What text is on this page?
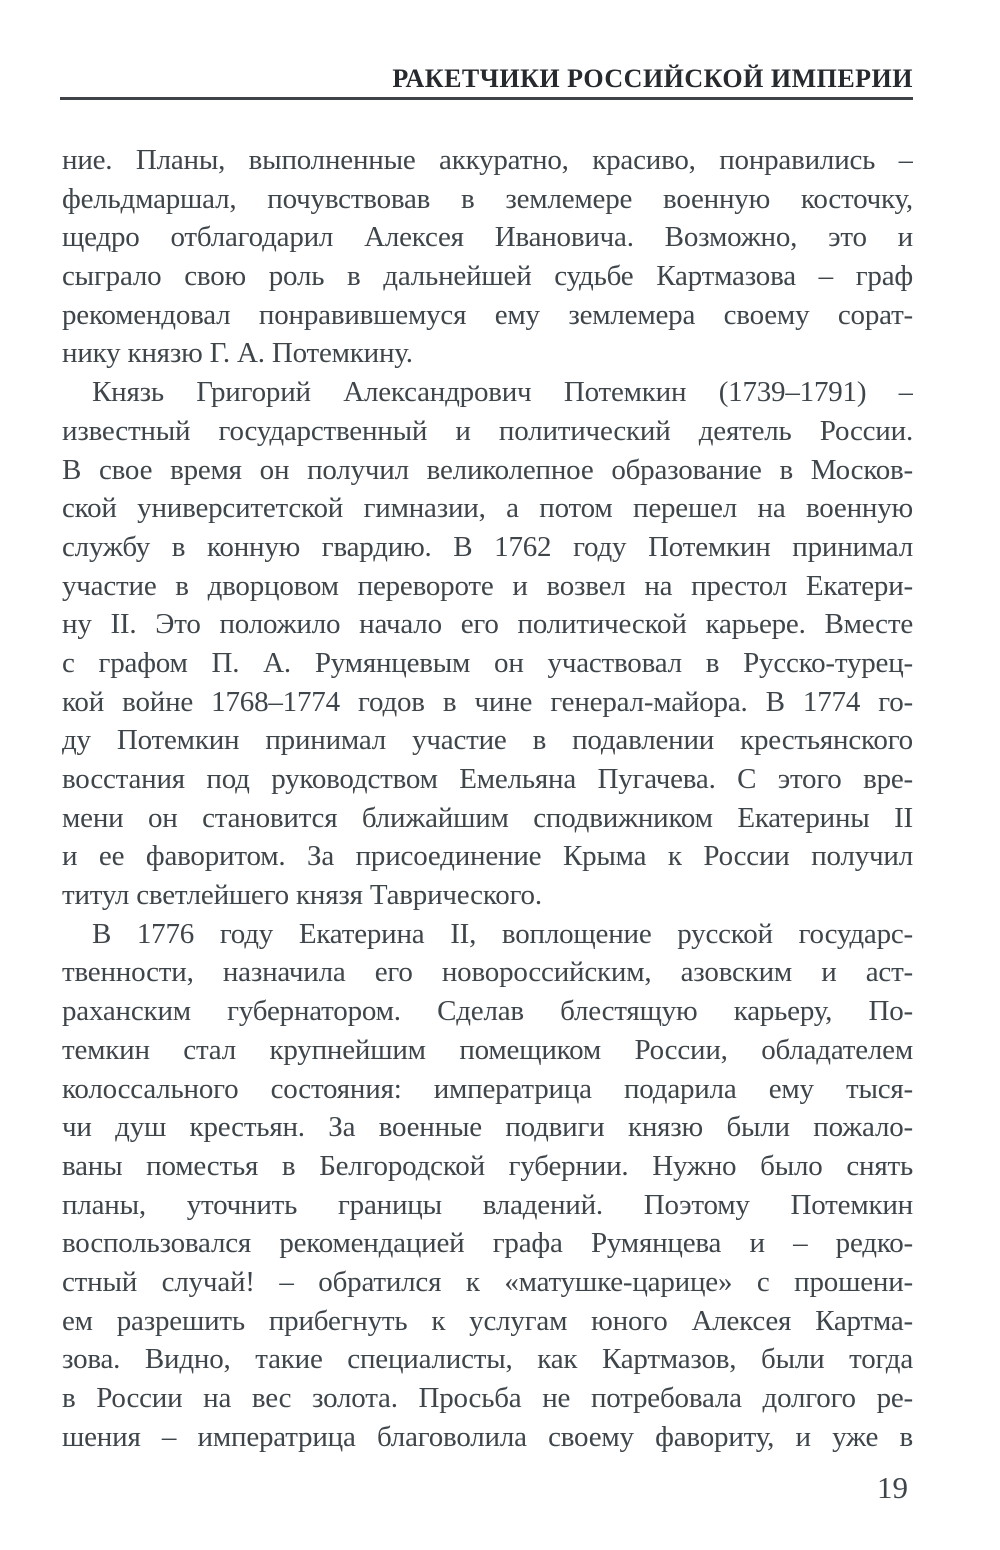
РАКЕТЧИКИ РОССИЙСКОЙ ИМПЕРИИ
ние. Планы, выполненные аккуратно, красиво, понравились –
фельдмаршал, почувствовав в землемере военную косточку,
щедро отблагодарил Алексея Ивановича. Возможно, это и
сыграло свою роль в дальнейшей судьбе Картмазова – граф
рекомендовал понравившемуся ему землемера своему сорат-
нику князю Г. А. Потемкину.
Князь Григорий Александрович Потемкин (1739–1791) –
известный государственный и политический деятель России.
В свое время он получил великолепное образование в Москов-
ской университетской гимназии, а потом перешел на военную
службу в конную гвардию. В 1762 году Потемкин принимал
участие в дворцовом перевороте и возвел на престол Екатери-
ну II. Это положило начало его политической карьере. Вместе
с графом П. А. Румянцевым он участвовал в Русско-турец-
кой войне 1768–1774 годов в чине генерал-майора. В 1774 го-
ду Потемкин принимал участие в подавлении крестьянского
восстания под руководством Емельяна Пугачева. С этого вре-
мени он становится ближайшим сподвижником Екатерины II
и ее фаворитом. За присоединение Крыма к России получил
титул светлейшего князя Таврического.
В 1776 году Екатерина II, воплощение русской государс-
твенности, назначила его новороссийским, азовским и аст-
раханским губернатором. Сделав блестящую карьеру, По-
темкин стал крупнейшим помещиком России, обладателем
колоссального состояния: императрица подарила ему тыся-
чи душ крестьян. За военные подвиги князю были пожало-
ваны поместья в Белгородской губернии. Нужно было снять
планы, уточнить границы владений. Поэтому Потемкин
воспользовался рекомендацией графа Румянцева и – редко-
стный случай! – обратился к «матушке-царице» с прошени-
ем разрешить прибегнуть к услугам юного Алексея Картма-
зова. Видно, такие специалисты, как Картмазов, были тогда
в России на вес золота. Просьба не потребовала долгого ре-
шения – императрица благоволила своему фавориту, и уже в
19
